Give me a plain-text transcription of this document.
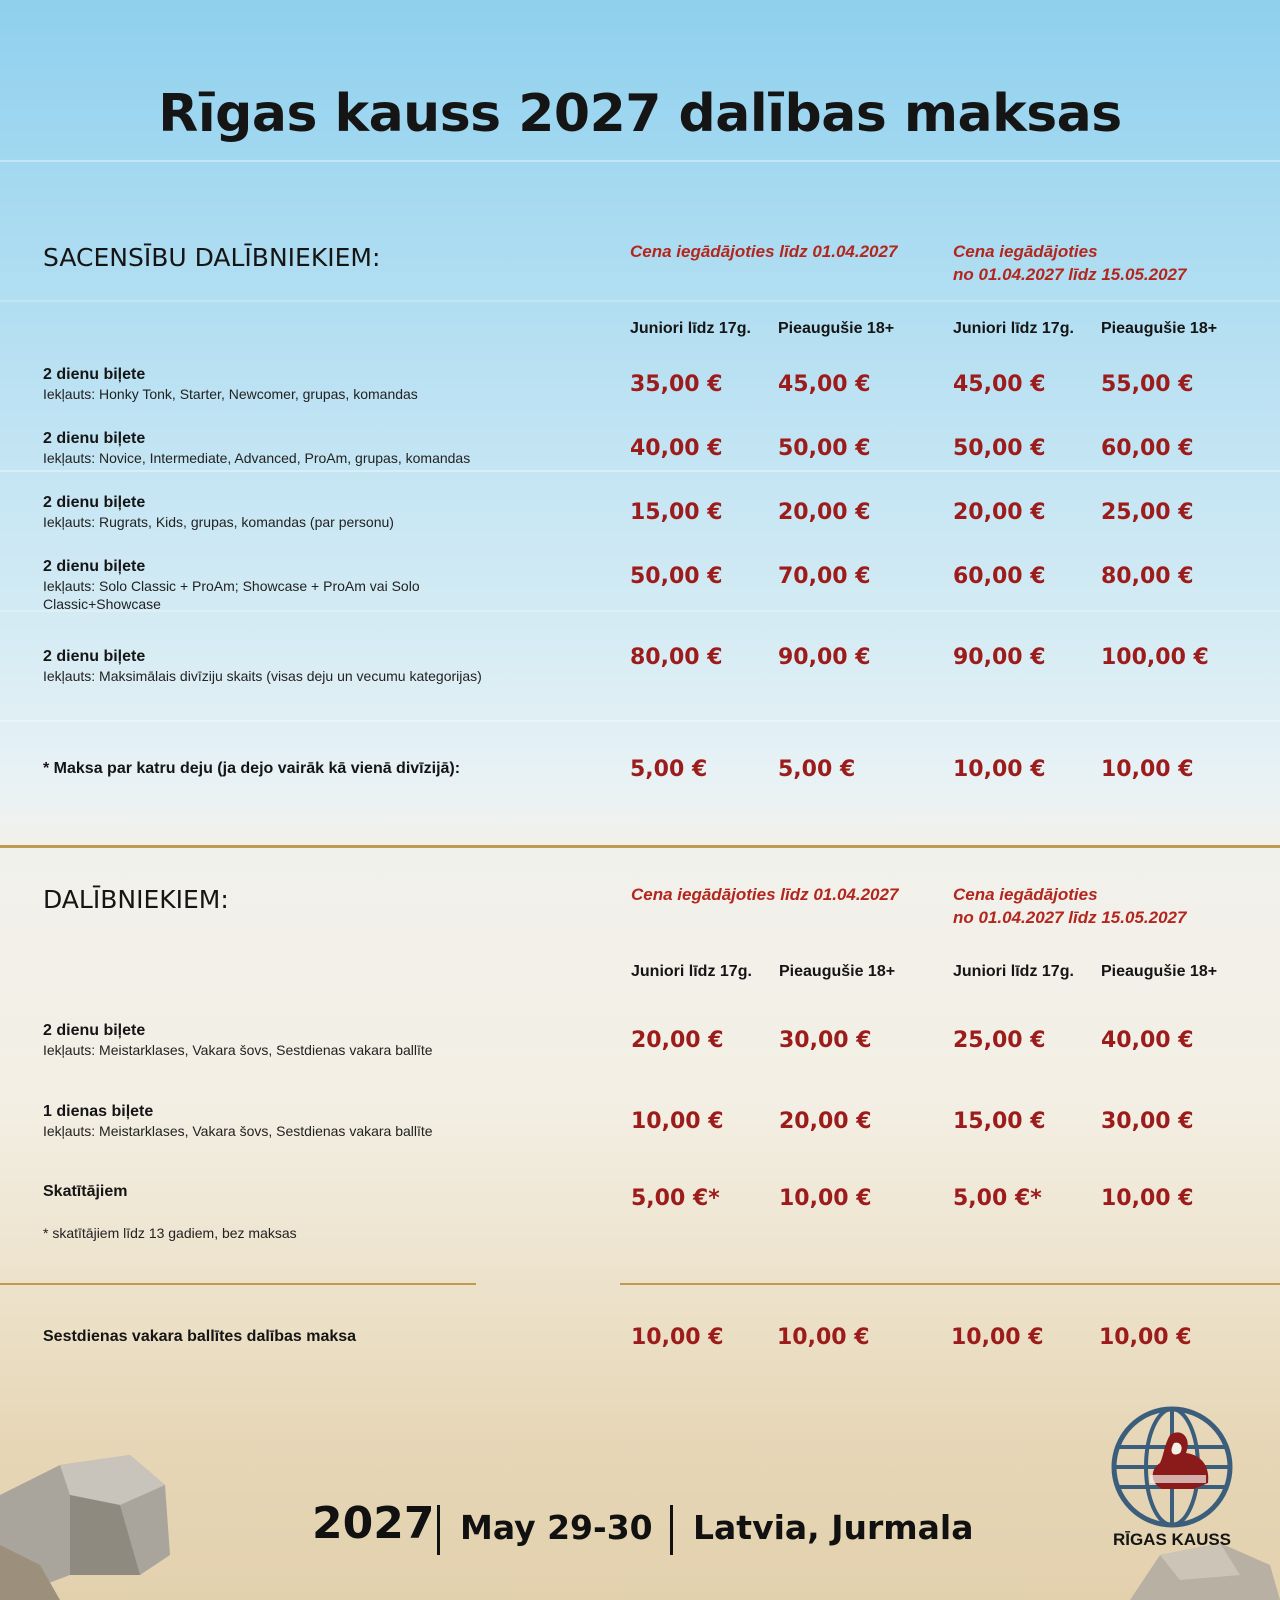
Rīgas kauss 2027 dalības maksas
SACENSĪBU DALĪBNIEKIEM:	Cena iegādājoties līdz 01.04.2027	Cena iegādājoties
no 01.04.2027 līdz 15.05.2027
Juniori līdz 17g. Pieaugušie 18+	Juniori līdz 17g. Pieaugušie 18+
2 dienu biļete
Iekļauts: Honky Tonk, Starter, Newcomer, grupas, komandas	35,00 €	45,00 €	45,00 €	55,00 €
2 dienu biļete
Iekļauts: Novice, Intermediate, Advanced, ProAm, grupas, komandas	40,00 €	50,00 €	50,00 €	60,00 €
2 dienu biļete
Iekļauts: Rugrats, Kids, grupas, komandas (par personu)	15,00 €	20,00 €	20,00 €	25,00 €
2 dienu biļete
Iekļauts: Solo Classic + ProAm; Showcase + ProAm vai Solo Classic+Showcase
50,00 €	70,00 €	60,00 €	80,00 €
2 dienu biļete
Iekļauts: Maksimālais divīziju skaits (visas deju un vecumu kategorijas)
80,00 €	90,00 €	90,00 €	100,00 €
* Maksa par katru deju (ja dejo vairāk kā vienā divīzijā):	5,00 €	5,00 €	10,00 €	10,00 €
DALĪBNIEKIEM:	Cena iegādājoties līdz 01.04.2027	Cena iegādājoties
no 01.04.2027 līdz 15.05.2027
Juniori līdz 17g. Pieaugušie 18+	Juniori līdz 17g. Pieaugušie 18+
2 dienu biļete
Iekļauts: Meistarklases, Vakara šovs, Sestdienas vakara ballīte	20,00 €	30,00 €	25,00 €	40,00 €
1 dienas biļete
Iekļauts: Meistarklases, Vakara šovs, Sestdienas vakara ballīte	10,00 €	20,00 €	15,00 €	30,00 €
Skatītājiem	5,00 €*	10,00 €	5,00 €*	10,00 €
* skatītājiem līdz 13 gadiem, bez maksas
Sestdienas vakara ballītes dalības maksa	10,00 € 10,00 €	10,00 €	10,00 €
2027 May 29-30 Latvia, Jurmala	RĪGAS KAUSS
